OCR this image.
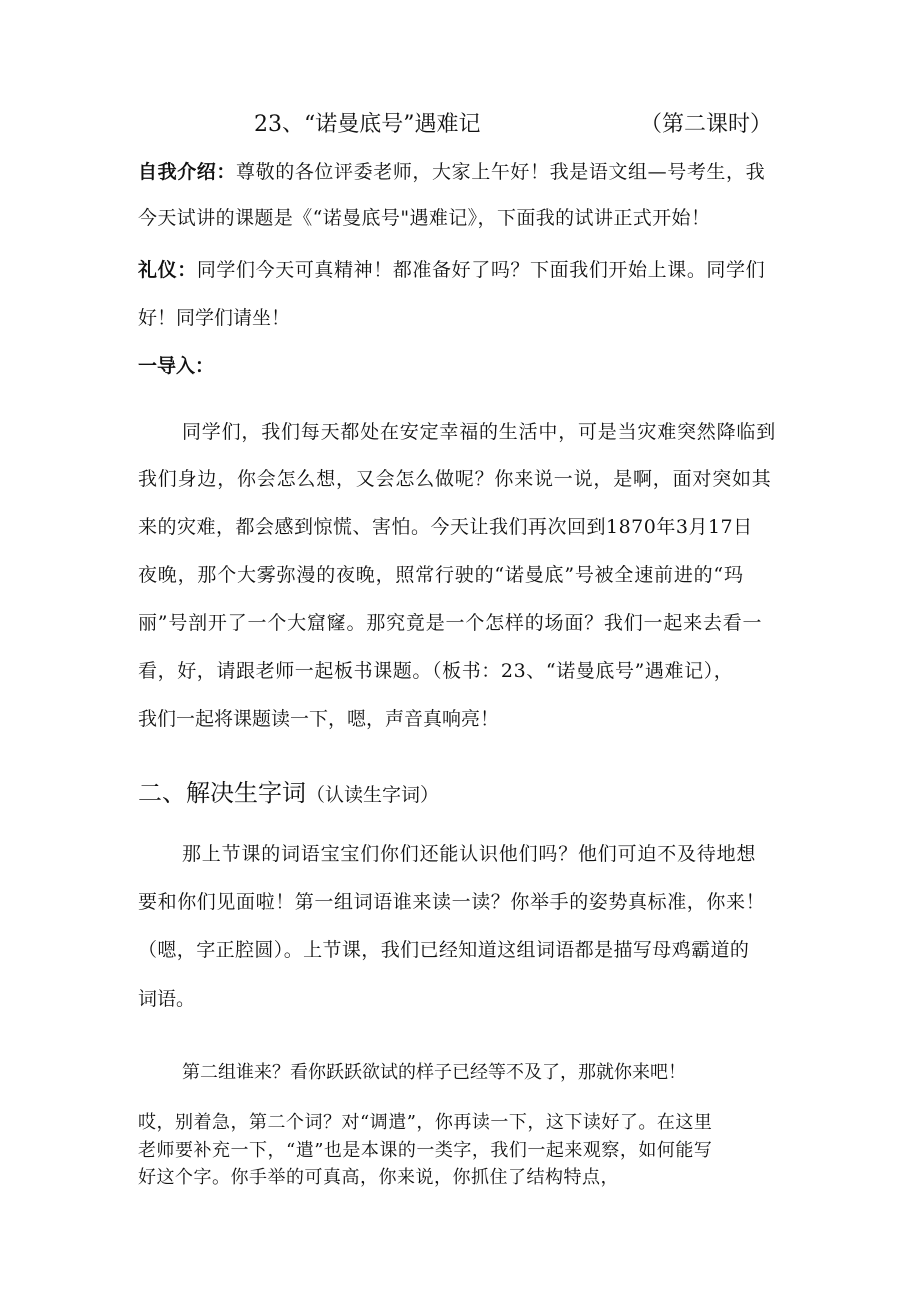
23、“诺曼底号”遇难记	（第二课时）
自我介绍：尊敬的各位评委老师，大家上午好！我是语文组—号考生，我
今天试讲的课题是《“诺曼底号"遇难记》，下面我的试讲正式开始！
礼仪：同学们今天可真精神！都准备好了吗？下面我们开始上课。同学们
好！同学们请坐！
一导入：
同学们，我们每天都处在安定幸福的生活中，可是当灾难突然降临到
我们身边，你会怎么想，又会怎么做呢？你来说一说，是啊，面对突如其
来的灾难，都会感到惊慌、害怕。今天让我们再次回到1870年3月17日
夜晚，那个大雾弥漫的夜晚，照常行驶的“诺曼底”号被全速前进的“玛
丽”号剖开了一个大窟窿。那究竟是一个怎样的场面？我们一起来去看一
看，好，请跟老师一起板书课题。（板书：23、“诺曼底号”遇难记），
我们一起将课题读一下，嗯，声音真响亮！
二、解决生字词（认读生字词）
那上节课的词语宝宝们你们还能认识他们吗？他们可迫不及待地想
要和你们见面啦！第一组词语谁来读一读？你举手的姿势真标准，你来！
（嗯，字正腔圆）。上节课，我们已经知道这组词语都是描写母鸡霸道的
词语。
第二组谁来？看你跃跃欲试的样子已经等不及了，那就你来吧！
哎，别着急，第二个词？对“调遣”，你再读一下，这下读好了。在这里
老师要补充一下，“遣”也是本课的一类字，我们一起来观察，如何能写
好这个字。你手举的可真高，你来说，你抓住了结构特点，
